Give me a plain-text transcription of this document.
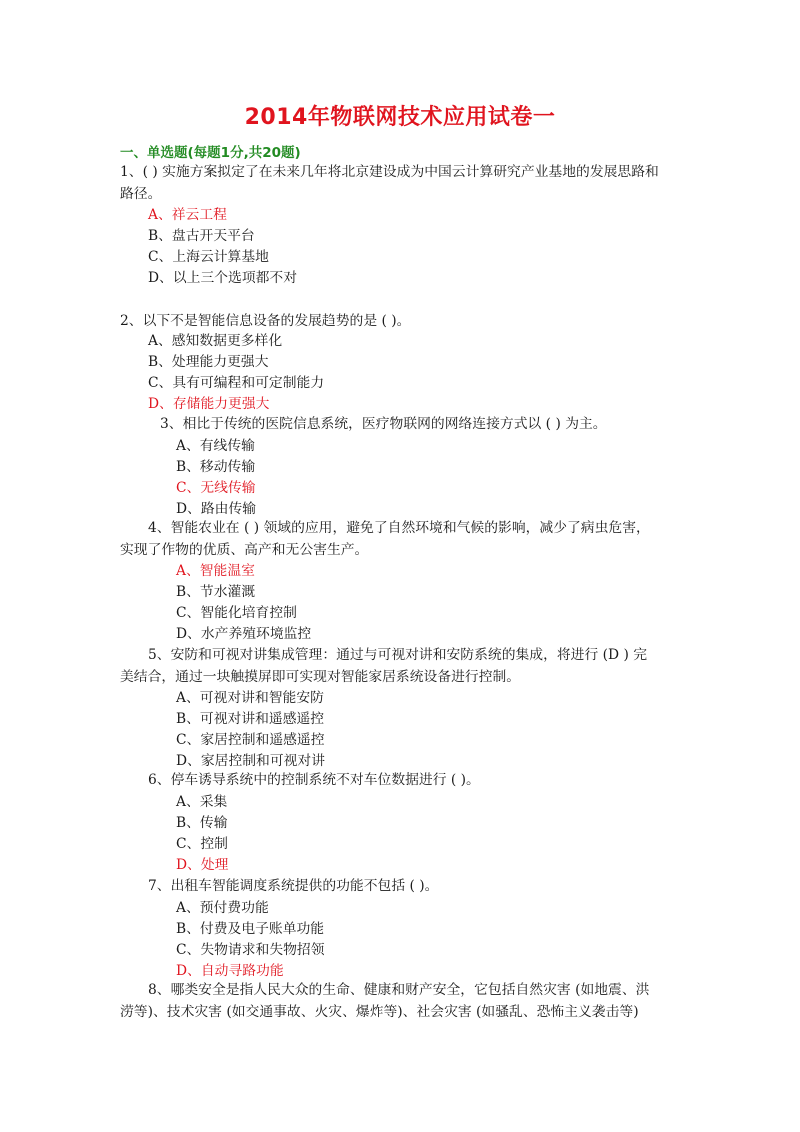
2014年物联网技术应用试卷一
一、单选题(每题1分,共20题)
1、( ) 实施方案拟定了在未来几年将北京建设成为中国云计算研究产业基地的发展思路和
路径。
A、祥云工程
B、盘古开天平台
C、上海云计算基地
D、以上三个选项都不对
2、以下不是智能信息设备的发展趋势的是 ( )。
A、感知数据更多样化
B、处理能力更强大
C、具有可编程和可定制能力
D、存储能力更强大
3、相比于传统的医院信息系统，医疗物联网的网络连接方式以 ( ) 为主。
A、有线传输
B、移动传输
C、无线传输
D、路由传输
4、智能农业在 ( ) 领域的应用，避免了自然环境和气候的影响，减少了病虫危害，
实现了作物的优质、高产和无公害生产。
A、智能温室
B、节水灌溉
C、智能化培育控制
D、水产养殖环境监控
5、安防和可视对讲集成管理：通过与可视对讲和安防系统的集成，将进行 (D ) 完
美结合，通过一块触摸屏即可实现对智能家居系统设备进行控制。
A、可视对讲和智能安防
B、可视对讲和遥感遥控
C、家居控制和遥感遥控
D、家居控制和可视对讲
6、停车诱导系统中的控制系统不对车位数据进行 ( )。
A、采集
B、传输
C、控制
D、处理
7、出租车智能调度系统提供的功能不包括 ( )。
A、预付费功能
B、付费及电子账单功能
C、失物请求和失物招领
D、自动寻路功能
8、哪类安全是指人民大众的生命、健康和财产安全，它包括自然灾害 (如地震、洪
涝等)、技术灾害 (如交通事故、火灾、爆炸等)、社会灾害 (如骚乱、恐怖主义袭击等)
